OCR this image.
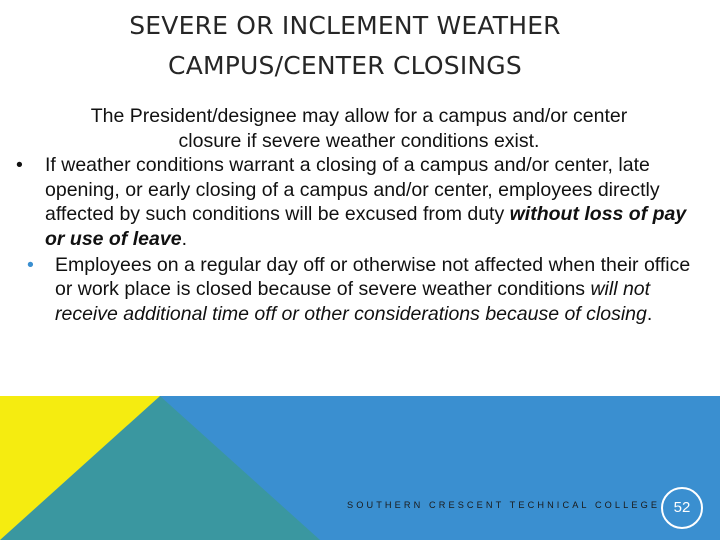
SEVERE OR INCLEMENT WEATHER
CAMPUS/CENTER CLOSINGS

The President/designee may allow for a campus and/or center
closure if severe weather conditions exist.

• If weather conditions warrant a closing of a campus and/or center, late opening, or early closing of a campus and/or center, employees directly affected by such conditions will be excused from duty without loss of pay or use of leave.

• Employees on a regular day off or otherwise not affected when their office or work place is closed because of severe weather conditions will not receive additional time off or other considerations because of closing.

SOUTHERN CRESCENT TECHNICAL COLLEGE 52
